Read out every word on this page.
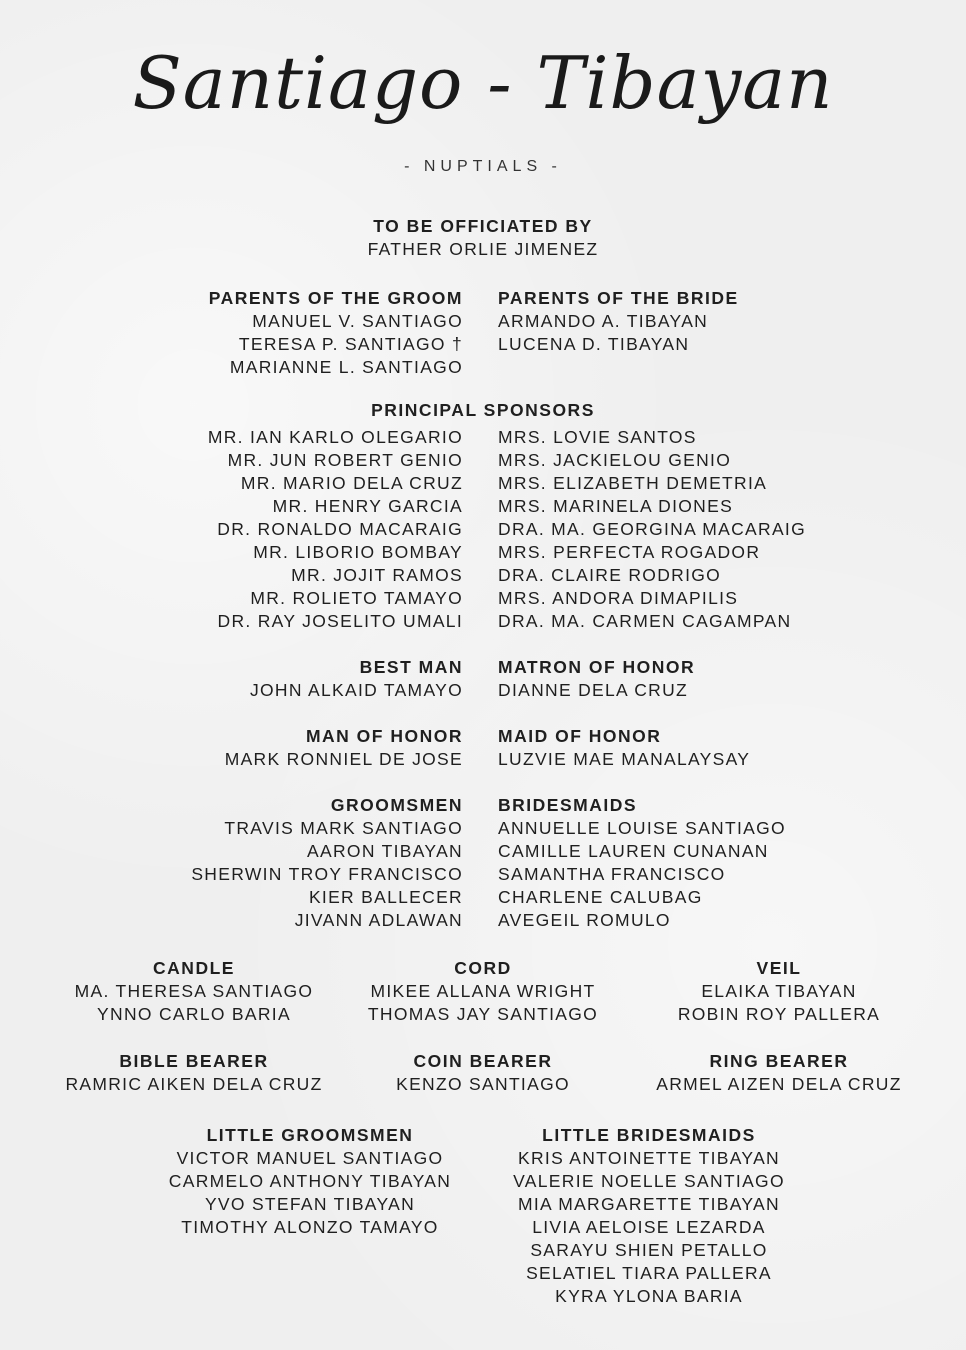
Santiago - Tibayan
- NUPTIALS -
TO BE OFFICIATED BY
FATHER ORLIE JIMENEZ
PARENTS OF THE GROOM
MANUEL V. SANTIAGO
TERESA P. SANTIAGO †
MARIANNE L. SANTIAGO
PARENTS OF THE BRIDE
ARMANDO A. TIBAYAN
LUCENA D. TIBAYAN
PRINCIPAL SPONSORS
MR. IAN KARLO OLEGARIO
MR. JUN ROBERT GENIO
MR. MARIO DELA CRUZ
MR. HENRY GARCIA
DR. RONALDO MACARAIG
MR. LIBORIO BOMBAY
MR. JOJIT RAMOS
MR. ROLIETO TAMAYO
DR. RAY JOSELITO UMALI
MRS. LOVIE SANTOS
MRS. JACKIELOU GENIO
MRS. ELIZABETH DEMETRIA
MRS. MARINELA DIONES
DRA. MA. GEORGINA MACARAIG
MRS. PERFECTA ROGADOR
DRA. CLAIRE RODRIGO
MRS. ANDORA DIMAPILIS
DRA. MA. CARMEN CAGAMPAN
BEST MAN
JOHN ALKAID TAMAYO
MATRON OF HONOR
DIANNE DELA CRUZ
MAN OF HONOR
MARK RONNIEL DE JOSE
MAID OF HONOR
LUZVIE MAE MANALAYSAY
GROOMSMEN
TRAVIS MARK SANTIAGO
AARON TIBAYAN
SHERWIN TROY FRANCISCO
KIER BALLECER
JIVANN ADLAWAN
BRIDESMAIDS
ANNUELLE LOUISE SANTIAGO
CAMILLE LAUREN CUNANAN
SAMANTHA FRANCISCO
CHARLENE CALUBAG
AVEGEIL ROMULO
CANDLE
MA. THERESA SANTIAGO
YNNO CARLO BARIA
CORD
MIKEE ALLANA WRIGHT
THOMAS JAY SANTIAGO
VEIL
ELAIKA TIBAYAN
ROBIN ROY PALLERA
BIBLE BEARER
RAMRIC AIKEN DELA CRUZ
COIN BEARER
KENZO SANTIAGO
RING BEARER
ARMEL AIZEN DELA CRUZ
LITTLE GROOMSMEN
VICTOR MANUEL SANTIAGO
CARMELO ANTHONY TIBAYAN
YVO STEFAN TIBAYAN
TIMOTHY ALONZO TAMAYO
LITTLE BRIDESMAIDS
KRIS ANTOINETTE TIBAYAN
VALERIE NOELLE SANTIAGO
MIA MARGARETTE TIBAYAN
LIVIA AELOISE LEZARDA
SARAYU SHIEN PETALLO
SELATIEL TIARA PALLERA
KYRA YLONA BARIA
